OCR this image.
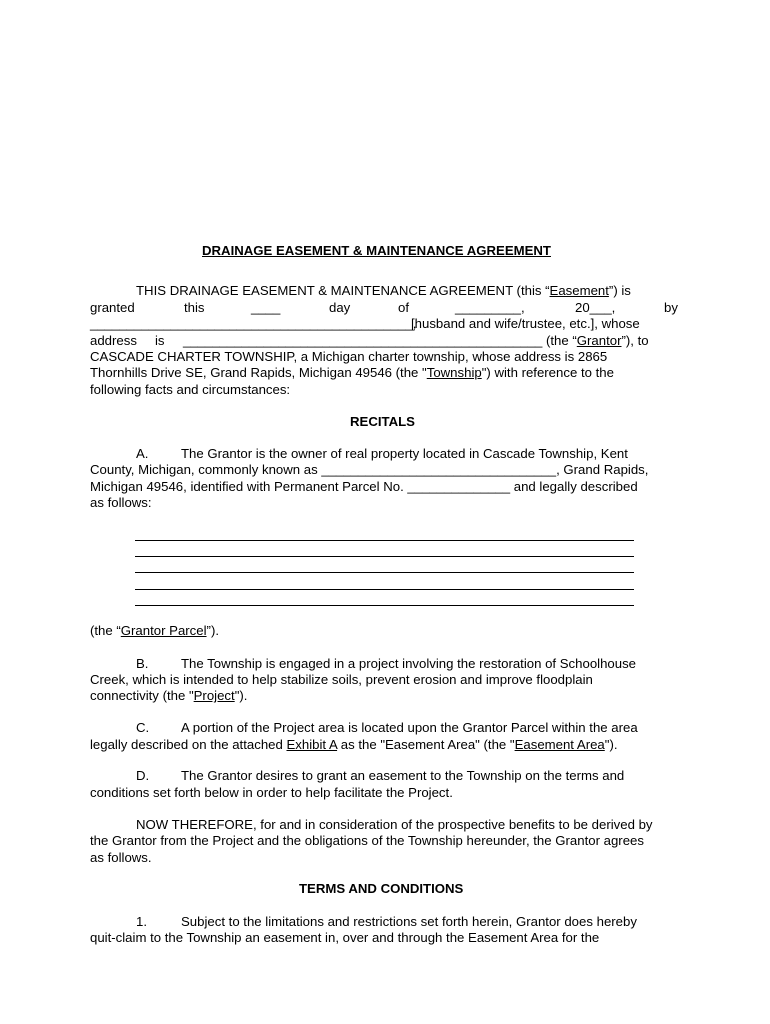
DRAINAGE EASEMENT & MAINTENANCE AGREEMENT
THIS DRAINAGE EASEMENT & MAINTENANCE AGREEMENT (this “Easement”) is
granted	this	____	day	of	_________,	20___,	by
____________________________________________,
[husband and wife/trustee, etc.], whose
address is _________________________________________________ (the “Grantor”), to
CASCADE CHARTER TOWNSHIP, a Michigan charter township, whose address is 2865
Thornhills Drive SE, Grand Rapids, Michigan 49546 (the "Township") with reference to the
following facts and circumstances:
RECITALS
A. The Grantor is the owner of real property located in Cascade Township, Kent
County, Michigan, commonly known as ________________________________, Grand Rapids,
Michigan 49546, identified with Permanent Parcel No. ______________ and legally described
as follows:
(the “Grantor Parcel”).
B. The Township is engaged in a project involving the restoration of Schoolhouse
Creek, which is intended to help stabilize soils, prevent erosion and improve floodplain
connectivity (the "Project").
C. A portion of the Project area is located upon the Grantor Parcel within the area
legally described on the attached Exhibit A as the "Easement Area" (the "Easement Area").
D. The Grantor desires to grant an easement to the Township on the terms and
conditions set forth below in order to help facilitate the Project.
NOW THEREFORE, for and in consideration of the prospective benefits to be derived by
the Grantor from the Project and the obligations of the Township hereunder, the Grantor agrees
as follows.
TERMS AND CONDITIONS
1.	Subject to the limitations and restrictions set forth herein, Grantor does hereby
quit-claim to the Township an easement in, over and through the Easement Area for the
